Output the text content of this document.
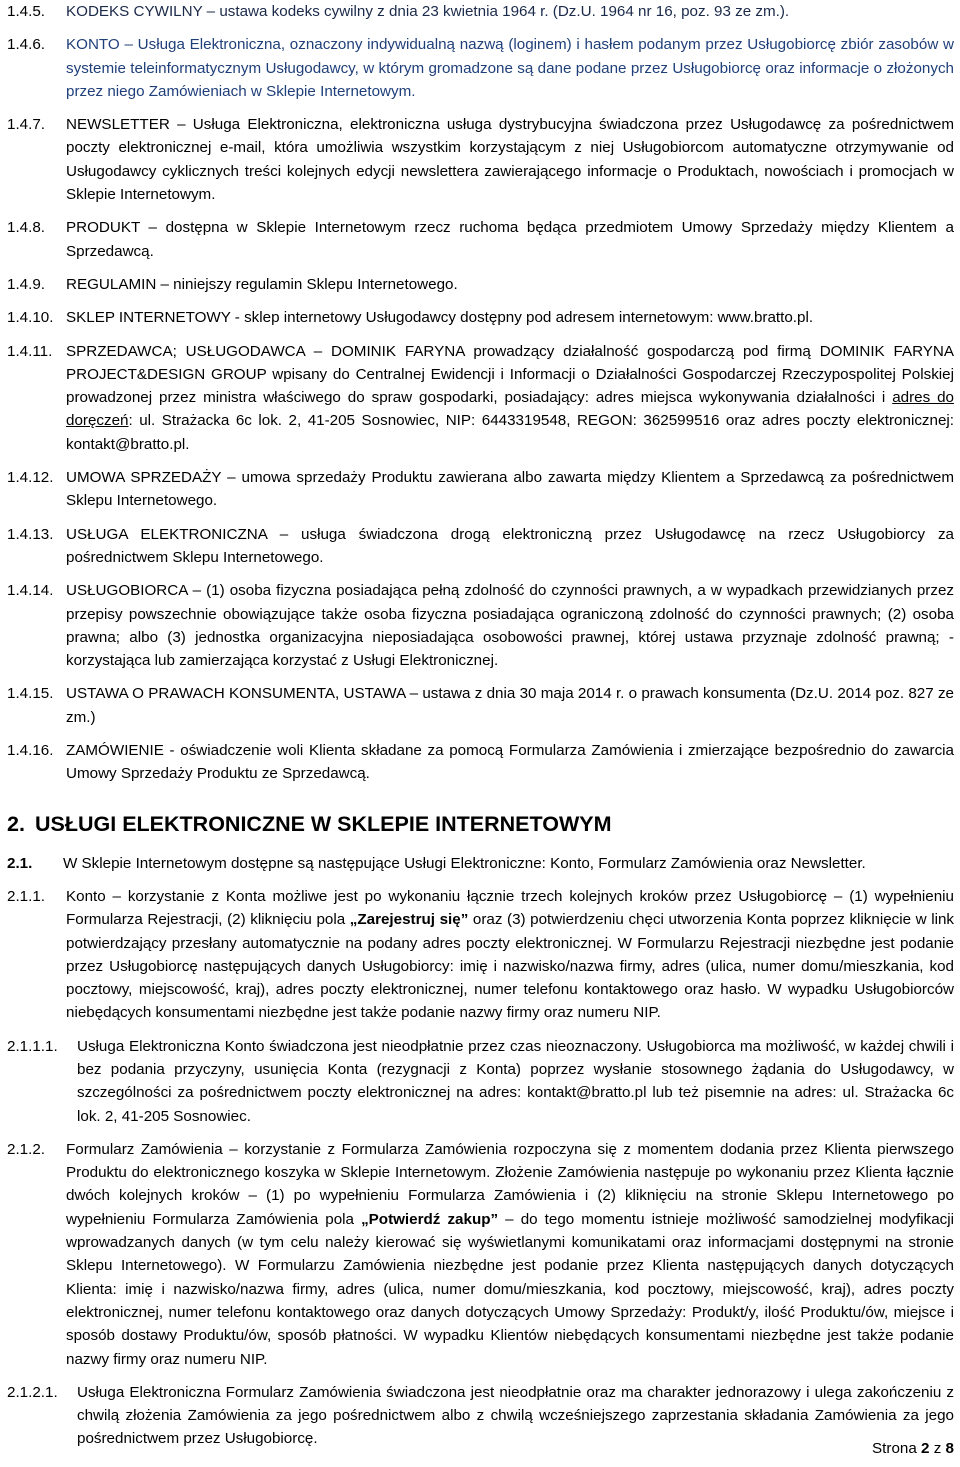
1.4.5.	KODEKS CYWILNY – ustawa kodeks cywilny z dnia 23 kwietnia 1964 r. (Dz.U. 1964 nr 16, poz. 93 ze zm.).
1.4.6.	KONTO – Usługa Elektroniczna, oznaczony indywidualną nazwą (loginem) i hasłem podanym przez Usługobiorcę zbiór zasobów w systemie teleinformatycznym Usługodawcy, w którym gromadzone są dane podane przez Usługobiorcę oraz informacje o złożonych przez niego Zamówieniach w Sklepie Internetowym.
1.4.7.	NEWSLETTER – Usługa Elektroniczna, elektroniczna usługa dystrybucyjna świadczona przez Usługodawcę za pośrednictwem poczty elektronicznej e-mail, która umożliwia wszystkim korzystającym z niej Usługobiorcom automatyczne otrzymywanie od Usługodawcy cyklicznych treści kolejnych edycji newslettera zawierającego informacje o Produktach, nowościach i promocjach w Sklepie Internetowym.
1.4.8.	PRODUKT – dostępna w Sklepie Internetowym rzecz ruchoma będąca przedmiotem Umowy Sprzedaży między Klientem a Sprzedawcą.
1.4.9.	REGULAMIN – niniejszy regulamin Sklepu Internetowego.
1.4.10. SKLEP INTERNETOWY - sklep internetowy Usługodawcy dostępny pod adresem internetowym: www.bratto.pl.
1.4.11. SPRZEDAWCA; USŁUGODAWCA – DOMINIK FARYNA prowadzący działalność gospodarczą pod firmą DOMINIK FARYNA PROJECT&DESIGN GROUP wpisany do Centralnej Ewidencji i Informacji o Działalności Gospodarczej Rzeczypospolitej Polskiej prowadzonej przez ministra właściwego do spraw gospodarki, posiadający: adres miejsca wykonywania działalności i adres do doręczeń: ul. Strażacka 6c lok. 2, 41-205 Sosnowiec, NIP: 6443319548, REGON: 362599516 oraz adres poczty elektronicznej: kontakt@bratto.pl.
1.4.12. UMOWA SPRZEDAŻY – umowa sprzedaży Produktu zawierana albo zawarta między Klientem a Sprzedawcą za pośrednictwem Sklepu Internetowego.
1.4.13. USŁUGA ELEKTRONICZNA – usługa świadczona drogą elektroniczną przez Usługodawcę na rzecz Usługobiorcy za pośrednictwem Sklepu Internetowego.
1.4.14. USŁUGOBIORCA – (1) osoba fizyczna posiadająca pełną zdolność do czynności prawnych, a w wypadkach przewidzianych przez przepisy powszechnie obowiązujące także osoba fizyczna posiadająca ograniczoną zdolność do czynności prawnych; (2) osoba prawna; albo (3) jednostka organizacyjna nieposiadająca osobowości prawnej, której ustawa przyznaje zdolność prawną; - korzystająca lub zamierzająca korzystać z Usługi Elektronicznej.
1.4.15. USTAWA O PRAWACH KONSUMENTA, USTAWA – ustawa z dnia 30 maja 2014 r. o prawach konsumenta (Dz.U. 2014 poz. 827 ze zm.)
1.4.16. ZAMÓWIENIE - oświadczenie woli Klienta składane za pomocą Formularza Zamówienia i zmierzające bezpośrednio do zawarcia Umowy Sprzedaży Produktu ze Sprzedawcą.
2. USŁUGI ELEKTRONICZNE W SKLEPIE INTERNETOWYM
2.1.	W Sklepie Internetowym dostępne są następujące Usługi Elektroniczne: Konto, Formularz Zamówienia oraz Newsletter.
2.1.1.	Konto – korzystanie z Konta możliwe jest po wykonaniu łącznie trzech kolejnych kroków przez Usługobiorcę – (1) wypełnieniu Formularza Rejestracji, (2) kliknięciu pola „Zarejestruj się” oraz (3) potwierdzeniu chęci utworzenia Konta poprzez kliknięcie w link potwierdzający przesłany automatycznie na podany adres poczty elektronicznej. W Formularzu Rejestracji niezbędne jest podanie przez Usługobiorcę następujących danych Usługobiorcy: imię i nazwisko/nazwa firmy, adres (ulica, numer domu/mieszkania, kod pocztowy, miejscowość, kraj), adres poczty elektronicznej, numer telefonu kontaktowego oraz hasło. W wypadku Usługobiorców niebędących konsumentami niezbędne jest także podanie nazwy firmy oraz numeru NIP.
2.1.1.1.	Usługa Elektroniczna Konto świadczona jest nieodpłatnie przez czas nieoznaczony. Usługobiorca ma możliwość, w każdej chwili i bez podania przyczyny, usunięcia Konta (rezygnacji z Konta) poprzez wysłanie stosownego żądania do Usługodawcy, w szczególności za pośrednictwem poczty elektronicznej na adres: kontakt@bratto.pl lub też pisemnie na adres: ul. Strażacka 6c lok. 2, 41-205 Sosnowiec.
2.1.2.	Formularz Zamówienia – korzystanie z Formularza Zamówienia rozpoczyna się z momentem dodania przez Klienta pierwszego Produktu do elektronicznego koszyka w Sklepie Internetowym. Złożenie Zamówienia następuje po wykonaniu przez Klienta łącznie dwóch kolejnych kroków – (1) po wypełnieniu Formularza Zamówienia i (2) kliknięciu na stronie Sklepu Internetowego po wypełnieniu Formularza Zamówienia pola „Potwierdź zakup” – do tego momentu istnieje możliwość samodzielnej modyfikacji wprowadzanych danych (w tym celu należy kierować się wyświetlanymi komunikatami oraz informacjami dostępnymi na stronie Sklepu Internetowego). W Formularzu Zamówienia niezbędne jest podanie przez Klienta następujących danych dotyczących Klienta: imię i nazwisko/nazwa firmy, adres (ulica, numer domu/mieszkania, kod pocztowy, miejscowość, kraj), adres poczty elektronicznej, numer telefonu kontaktowego oraz danych dotyczących Umowy Sprzedaży: Produkt/y, ilość Produktu/ów, miejsce i sposób dostawy Produktu/ów, sposób płatności. W wypadku Klientów niebędących konsumentami niezbędne jest także podanie nazwy firmy oraz numeru NIP.
2.1.2.1.	Usługa Elektroniczna Formularz Zamówienia świadczona jest nieodpłatnie oraz ma charakter jednorazowy i ulega zakończeniu z chwilą złożenia Zamówienia za jego pośrednictwem albo z chwilą wcześniejszego zaprzestania składania Zamówienia za jego pośrednictwem przez Usługobiorcę.
Strona 2 z 8
